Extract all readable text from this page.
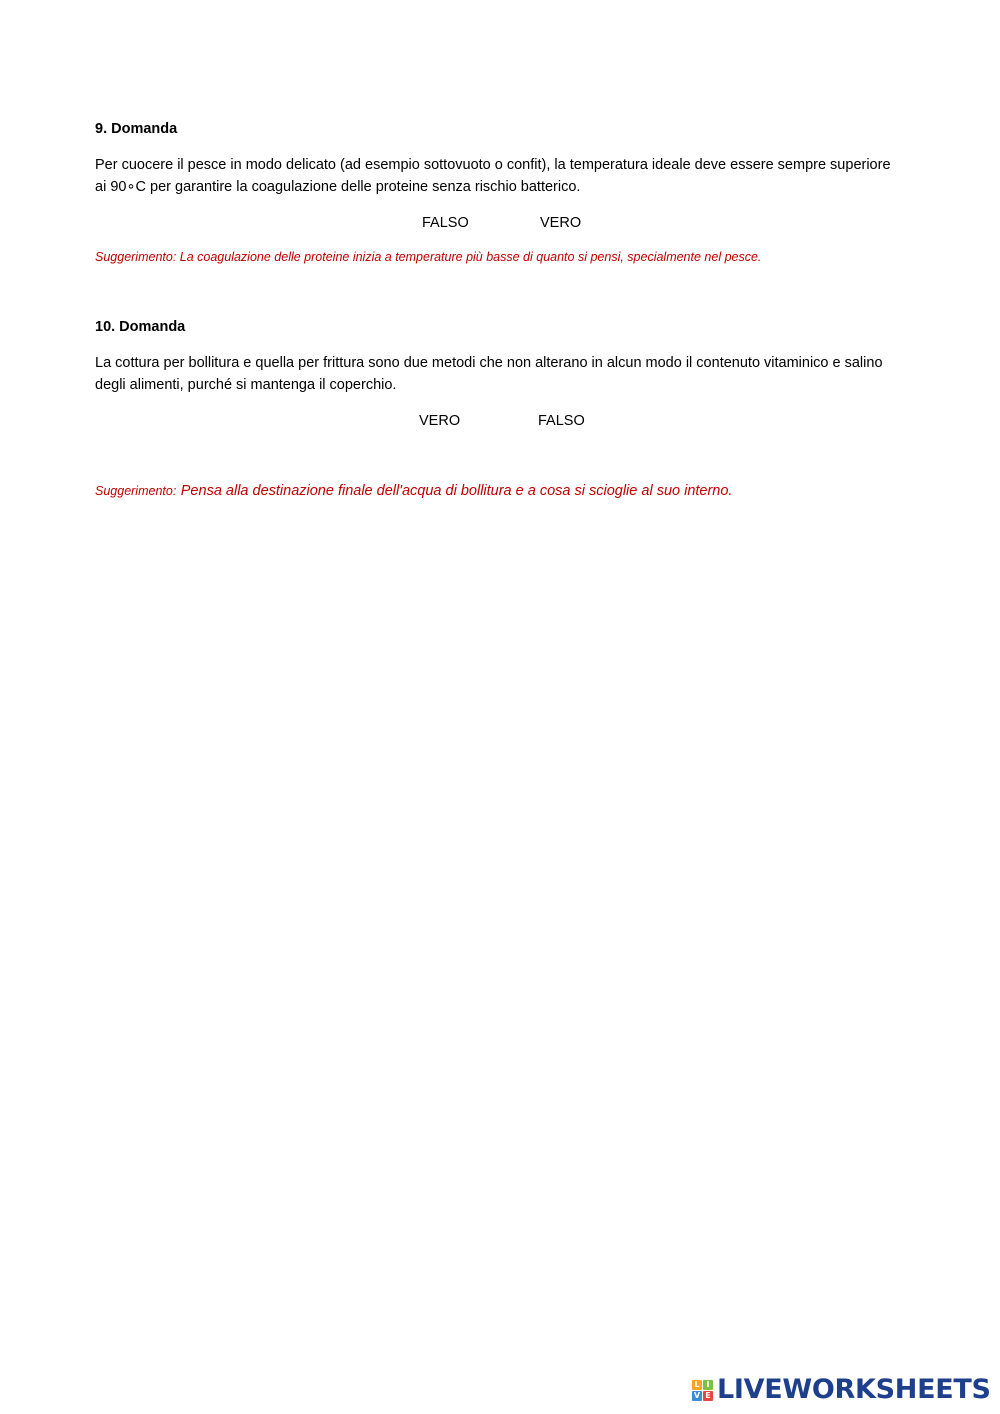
9. Domanda
Per cuocere il pesce in modo delicato (ad esempio sottovuoto o confit), la temperatura ideale deve essere sempre superiore ai 90∘C per garantire la coagulazione delle proteine senza rischio batterico.
FALSO	VERO
Suggerimento: La coagulazione delle proteine inizia a temperature più basse di quanto si pensi, specialmente nel pesce.
10. Domanda
La cottura per bollitura e quella per frittura sono due metodi che non alterano in alcun modo il contenuto vitaminico e salino degli alimenti, purché si mantenga il coperchio.
VERO	FALSO
Suggerimento: Pensa alla destinazione finale dell'acqua di bollitura e a cosa si scioglie al suo interno.
L I
V E LIVEWORKSHEETS
